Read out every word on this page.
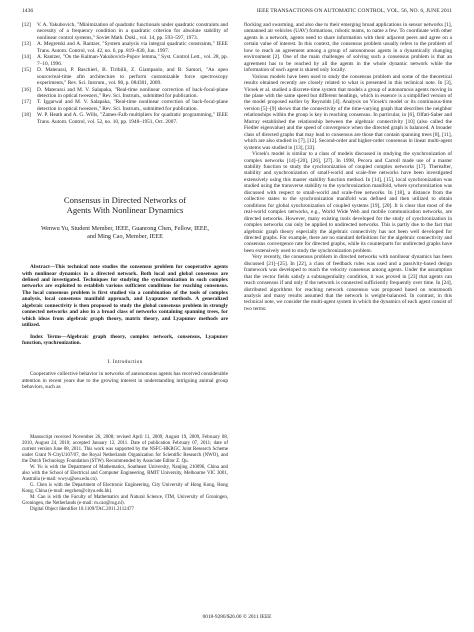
1436	IEEE TRANSACTIONS ON AUTOMATIC CONTROL, VOL. 56, NO. 6, JUNE 2011
[12]	V. A. Yakubovich, "Minimization of quadratic functionals under quadratic constraints and necessity of a frequency condition in a quadratic criterion for absolute stability of nonlinear control systems," Soviet Math. Dokl., vol. 14, pp. 593–597, 1973.
[13]	A. Megretski and A. Rantzer, "System analysis via integral quadratic constraints," IEEE Trans. Autom. Control, vol. 42, no. 6, pp. 819–830, Jun. 1997.
[14]	A. Rantzer, "On the Kalman-Yakubovich-Popov lemma," Syst. Control Lett., vol. 28, pp. 7–10, 1996.
[15]	D. Materassi, P. Baschieri, B. Tiribilli, Z. Giampaolo, and B. Samori, "An open source/real-time afm architecture to perform customizable force spectroscopy experiments," Rev. Sci. Instrum., vol. 80, p. 084301, 2009.
[16]	D. Materassi and M. V. Salapaka, "Real-time nonlinear correction of back-focal-plane detection in optical tweezers," Rev. Sci. Instrum., submitted for publication.
[17]	T. Iggarwal and M. V. Salapaka, "Real-time nonlinear correction of back-focal-plane detection in optical tweezers," Rev. Sci. Instrum., submitted for publication.
[18]	W. P. Heath and A. G. Wills, "Zames-Falb multipliers for quadratic programming," IEEE Trans. Autom. Control, vol. 52, no. 10, pp. 1948–1951, Oct. 2007.
Consensus in Directed Networks of
Agents With Nonlinear Dynamics
Wenwu Yu, Student Member, IEEE, Guanrong Chen, Fellow, IEEE,
and Ming Cao, Member, IEEE

Abstract—This technical note studies the consensus problem for cooperative agents with nonlinear dynamics in a directed network. Both local and global consensus are defined and investigated. Techniques for studying the synchronization in such complex networks are exploited to establish various sufficient conditions for reaching consensus. The local consensus problem is first studied via a combination of the tools of complex analysis, local consensus manifold approach, and Lyapunov methods. A generalized algebraic connectivity is then proposed to study the global consensus problem in strongly connected networks and also in a broad class of networks containing spanning trees, for which ideas from algebraic graph theory, matrix theory, and Lyapunov methods are utilized.

Index Terms—Algebraic graph theory, complex network, consensus, Lyapunov function, synchronization.

I. Introduction

Cooperative collective behavior in networks of autonomous agents has received considerable attention in recent years due to the growing interest in understanding intriguing animal group behaviors, such as

Manuscript received November 26, 2008; revised April 11, 2009, August 19, 2009, February 08, 2010, August 24, 2010; accepted January 12, 2011. Date of publication February 07, 2011; date of current version June 08, 2011. This work was supported by the NSFC-HKRGC Joint Research Scheme under Grant N-CityU107/07, the Royal Netherlands Organization for Scientific Research (NWO), and the Dutch Technology Foundation (STW). Recommended by Associate Editor Z. Qu.

W. Yu is with the Department of Mathematics, Southeast University, Nanjing 210096, China and also with the School of Electrical and Computer Engineering, RMIT University, Melbourne VIC 3001, Australia (e-mail: wwyu@seu.edu.cn).

G. Chen is with the Department of Electronic Engineering, City University of Hong Kong, Hong Kong, China (e-mail: eegchen@cityu.edu.hk).

M. Cao is with the Faculty of Mathematics and Natural Science, ITM, University of Groningen, Groningen, the Netherlands (e-mail: m.cao@rug.nl).

Digital Object Identifier 10.1109/TAC.2011.2112477

flocking and swarming, and also due to their emerging broad applications in sensor networks [1], unmanned air vehicles (UAV) formations, robotic teams, to name a few. To coordinate with other agents in a network, agents need to share information with their adjacent peers and agree on a certain value of interest. In this context, the consensus problem usually refers to the problem of how to reach an agreement among a group of autonomous agents in a dynamically changing environment [2]. One of the main challenges of solving such a consensus problem is that an agreement has to be reached by all the agents in the whole dynamic network while the information of each agent is shared only locally.

Various models have been used to study the consensus problem and some of the theoretical results obtained recently are closely related to what is presented in this technical note. In [3], Vicsek et al. studied a discrete-time system that models a group of autonomous agents moving in the plane with the same speed but different headings, which in essence is a simplified version of the model proposed earlier by Reynolds [4]. Analysis on Vicsek's model or its continuous-time version [5]–[9] shows that the connectivity of the time-varying graph that describes the neighbor relationships within the group is key in reaching consensus. In particular, in [6], Olfati-Saber and Murray established the relationship between the algebraic connectivity [10] (also called the Fiedler eigenvalue) and the speed of convergence when the directed graph is balanced. A broader class of directed graphs that may lead to consensus are those that contain spanning trees [8], [11], which are also studied in [7], [12]. Second-order and higher-order consensus in linear multi-agent systems was studied in [13], [33].

Vicsek's model is similar to a class of models discussed in studying the synchronization of complex networks [14]–[20], [26], [27]. In 1998, Pecora and Carroll made use of a master stability function to study the synchronization of coupled complex networks [17]. Thereafter, stability and synchronization of small-world and scale-free networks have been investigated extensively using this master stability function method. In [14], [15], local synchronization was studied using the transverse stability to the synchronization manifold, where synchronization was discussed with respect to small-world and scale-free networks. In [18], a distance from the collective states to the synchronization manifold was defined and then utilized to obtain conditions for global synchronization of coupled systems [19], [20]. It is clear that most of the real-world complex networks, e.g., World Wide Web and mobile communication networks, are directed networks. However, many existing tools developed for the study of synchronization in complex networks can only be applied to undirected networks. This is partly due to the fact that algebraic graph theory especially the algebraic connectivity has not been well developed for directed graphs. For example, there are no standard definitions for the algebraic connectivity and consensus convergence rate for directed graphs, while its counterparts for undirected graphs have been extensively used to study the synchronization problem.

Very recently, the consensus problem in directed networks with nonlinear dynamics has been discussed [21]–[25]. In [22], a class of feedback rules was used and a passivity-based design framework was developed to reach the velocity consensus among agents. Under the assumption that the vector fields satisfy a subtangentiality condition, it was proved in [23] that agents can reach consensus if and only if the network is connected sufficiently frequently over time. In [24], distributed algorithms for reaching network consensus was proposed based on nonsmooth analysis and many results assumed that the network is weight-balanced. In contrast, in this technical note, we consider the multi-agent system in which the dynamics of each agent consist of two terms:

0018-9286/$26.00 © 2011 IEEE
